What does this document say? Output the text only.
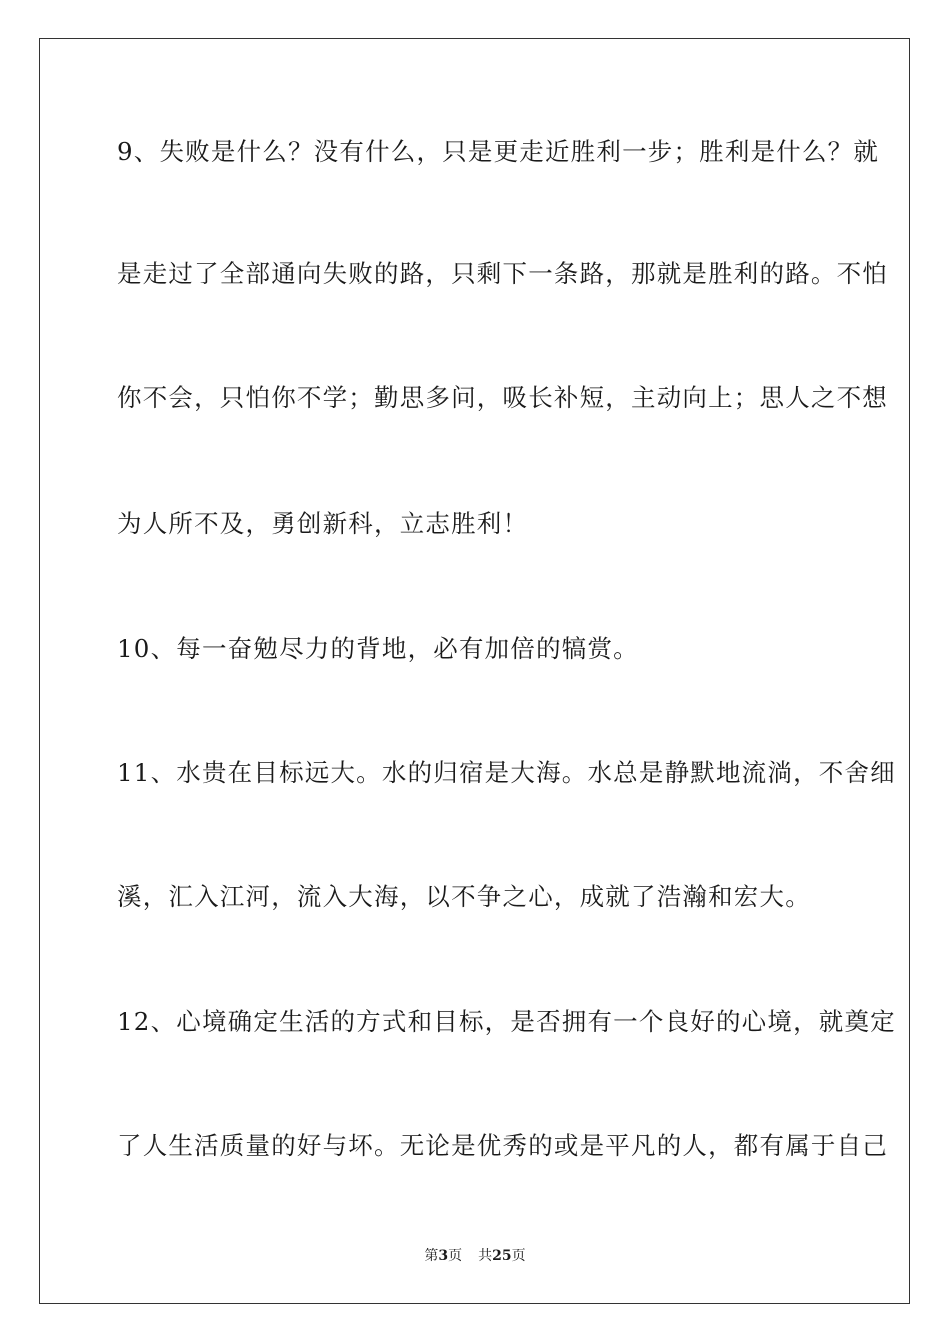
9、失败是什么？没有什么，只是更走近胜利一步；胜利是什么？就
是走过了全部通向失败的路，只剩下一条路，那就是胜利的路。不怕
你不会，只怕你不学；勤思多问，吸长补短，主动向上；思人之不想
为人所不及，勇创新科，立志胜利！
10、每一奋勉尽力的背地，必有加倍的犒赏。
11、水贵在目标远大。水的归宿是大海。水总是静默地流淌，不舍细
溪，汇入江河，流入大海，以不争之心，成就了浩瀚和宏大。
12、心境确定生活的方式和目标，是否拥有一个良好的心境，就奠定
了人生活质量的好与坏。无论是优秀的或是平凡的人，都有属于自己
第3页 共25页
